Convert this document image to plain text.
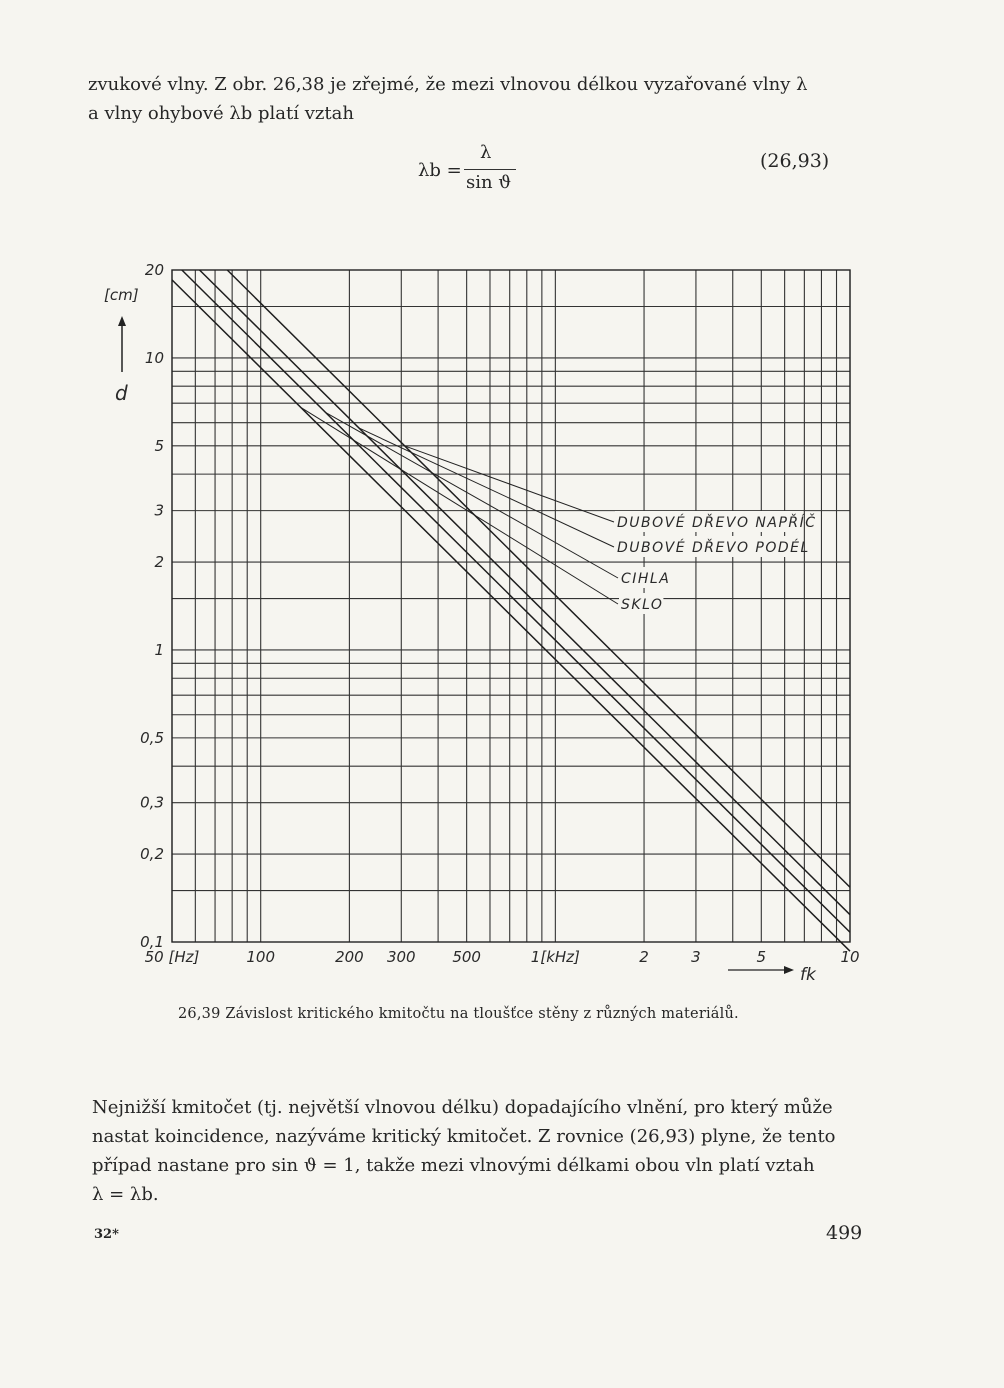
zvukové vlny. Z obr. 26,38 je zřejmé, že mezi vlnovou délkou vyzařované vlny λ
a vlny ohybové λb platí vztah
λb =
λ
sin ϑ
(26,93)
50 [Hz]	100	200 300 500	1[kHz]	2	3	5	10
20
10
5
3
2
1
0,5
0,3
0,2
0,1
DUBOVÉ DŘEVO NAPŘÍČ
DUBOVÉ DŘEVO PODÉL
CIHLA
SKLO
[cm]
d
fk
26,39 Závislost kritického kmitočtu na tloušťce stěny z různých materiálů.
Nejnižší kmitočet (tj. největší vlnovou délku) dopadajícího vlnění, pro který může
nastat koincidence, nazýváme kritický kmitočet. Z rovnice (26,93) plyne, že tento
případ nastane pro sin ϑ = 1, takže mezi vlnovými délkami obou vln platí vztah
λ = λb.
32*	499
